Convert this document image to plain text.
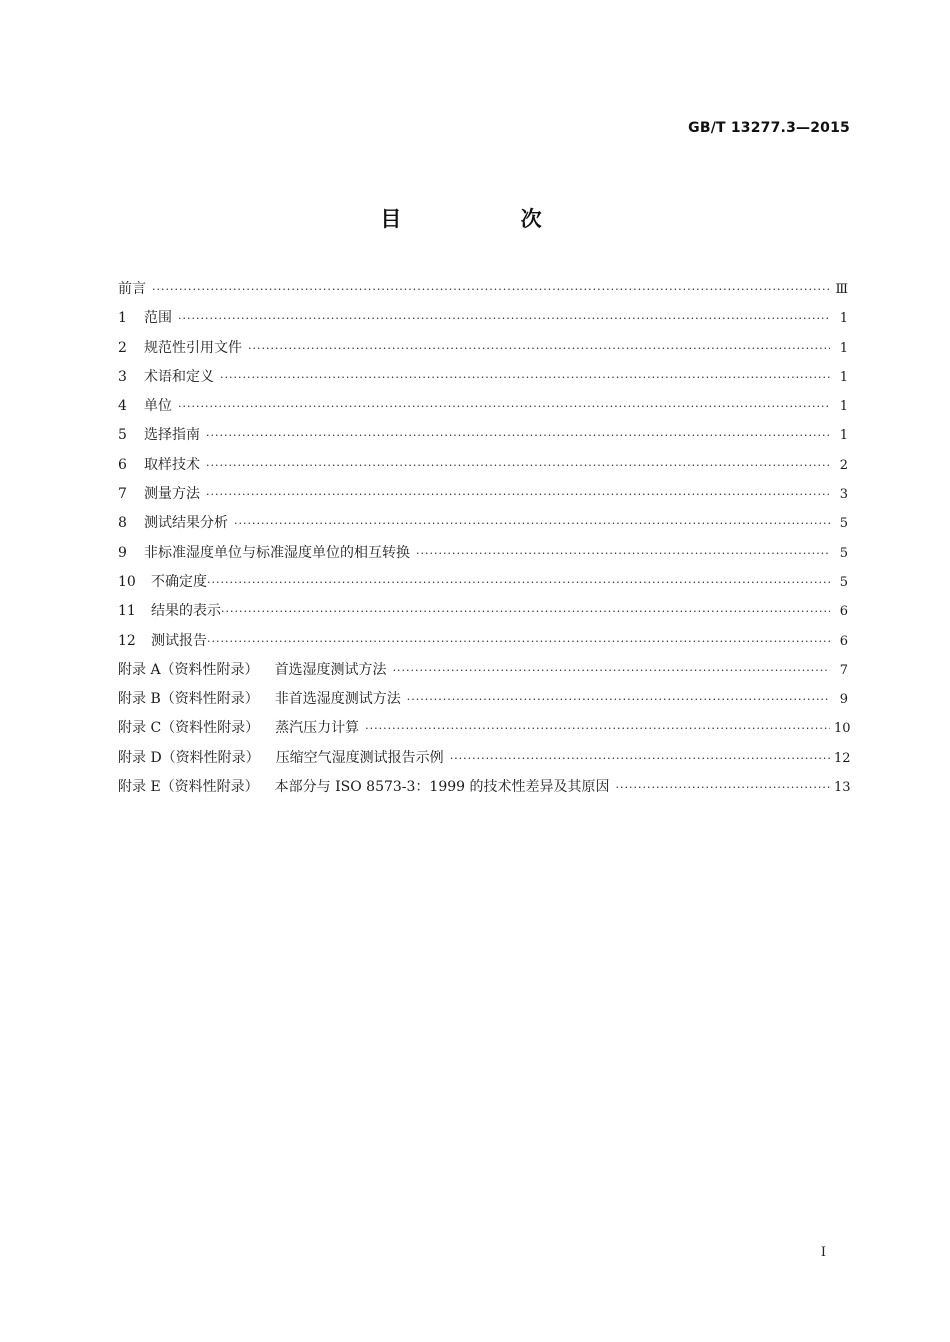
GB/T 13277.3—2015
目 次
前言 ·····	Ⅲ
1	范围 ·····	1
2	规范性引用文件 ·····	1
3	术语和定义 ·····	1
4	单位 ·····	1
5	选择指南 ·····	1
6	取样技术 ·····	2
7	测量方法 ·····	3
8	测试结果分析 ·····	5
9	非标准湿度单位与标准湿度单位的相互转换 ·····	5
10	不确定度 ·····	5
11	结果的表示 ·····	6
12	测试报告 ·····	6
附录 A（资料性附录）	首选湿度测试方法 ·····	7
附录 B（资料性附录）	非首选湿度测试方法 ·····	9
附录 C（资料性附录）	蒸汽压力计算 ·····	10
附录 D（资料性附录）	压缩空气湿度测试报告示例 ·····	12
附录 E（资料性附录）	本部分与 ISO 8573-3：1999 的技术性差异及其原因 ·····	13
I
